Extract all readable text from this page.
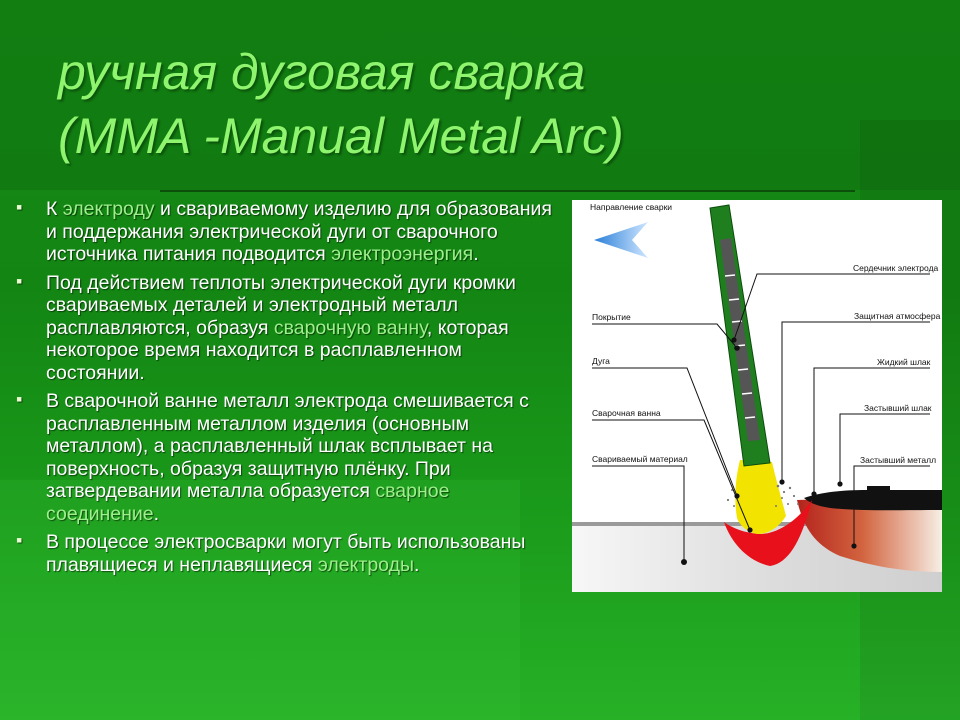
ручная дуговая сварка
(MMA -Manual Metal Arc)
▪ К электроду и свариваемому изделию для образования и поддержания электрической дуги от сварочного источника питания подводится электроэнергия.
▪ Под действием теплоты электрической дуги кромки свариваемых деталей и электродный металл расплавляются, образуя сварочную ванну, которая некоторое время находится в расплавленном состоянии.
▪ В сварочной ванне металл электрода смешивается с расплавленным металлом изделия (основным металлом), а расплавленный шлак всплывает на поверхность, образуя защитную плёнку. При затвердевании металла образуется сварное соединение.
▪ В процессе электросварки могут быть использованы плавящиеся и неплавящиеся электроды.
Направление сварки
Сердечник электрода
Покрытие	Защитная атмосфера
Дуга	Жидкий шлак
Сварочная ванна	Застывший шлак
Свариваемый материал	Застывший металл
